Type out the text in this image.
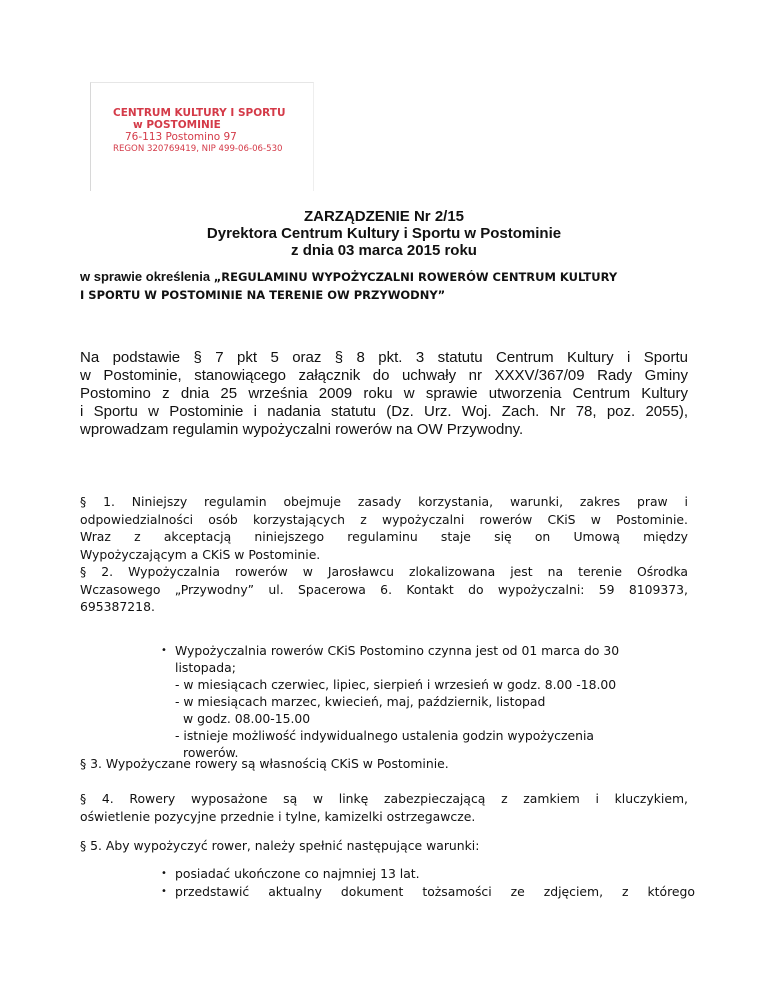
CENTRUM KULTURY I SPORTU
w POSTOMINIE
76-113 Postomino 97
REGON 320769419, NIP 499-06-06-530
ZARZĄDZENIE Nr 2/15
Dyrektora Centrum Kultury i Sportu w Postominie
z dnia 03 marca 2015 roku
w sprawie określenia „REGULAMINU WYPOŻYCZALNI ROWERÓW CENTRUM KULTURY
I SPORTU W POSTOMINIE NA TERENIE OW PRZYWODNY”
Na podstawie § 7 pkt 5 oraz § 8 pkt. 3 statutu Centrum Kultury i Sportu
w Postominie, stanowiącego załącznik do uchwały nr XXXV/367/09 Rady Gminy
Postomino z dnia 25 września 2009 roku w sprawie utworzenia Centrum Kultury
i Sportu w Postominie i nadania statutu (Dz. Urz. Woj. Zach. Nr 78, poz. 2055),
wprowadzam regulamin wypożyczalni rowerów na OW Przywodny.
§ 1. Niniejszy regulamin obejmuje zasady korzystania, warunki, zakres praw i
odpowiedzialności osób korzystających z wypożyczalni rowerów CKiS w Postominie.
Wraz z akceptacją niniejszego regulaminu staje się on Umową między
Wypożyczającym a CKiS w Postominie.
§ 2. Wypożyczalnia rowerów w Jarosławcu zlokalizowana jest na terenie Ośrodka
Wczasowego „Przywodny” ul. Spacerowa 6. Kontakt do wypożyczalni: 59 8109373,
695387218.
• Wypożyczalnia rowerów CKiS Postomino czynna jest od 01 marca do 30
listopada;
- w miesiącach czerwiec, lipiec, sierpień i wrzesień w godz. 8.00 -18.00
- w miesiącach marzec, kwiecień, maj, październik, listopad
w godz. 08.00-15.00
- istnieje możliwość indywidualnego ustalenia godzin wypożyczenia
rowerów.
§ 3. Wypożyczane rowery są własnością CKiS w Postominie.
§ 4. Rowery wyposażone są w linkę zabezpieczającą z zamkiem i kluczykiem,
oświetlenie pozycyjne przednie i tylne, kamizelki ostrzegawcze.
§ 5. Aby wypożyczyć rower, należy spełnić następujące warunki:
• posiadać ukończone co najmniej 13 lat.
• przedstawić aktualny dokument tożsamości ze zdjęciem, z którego
